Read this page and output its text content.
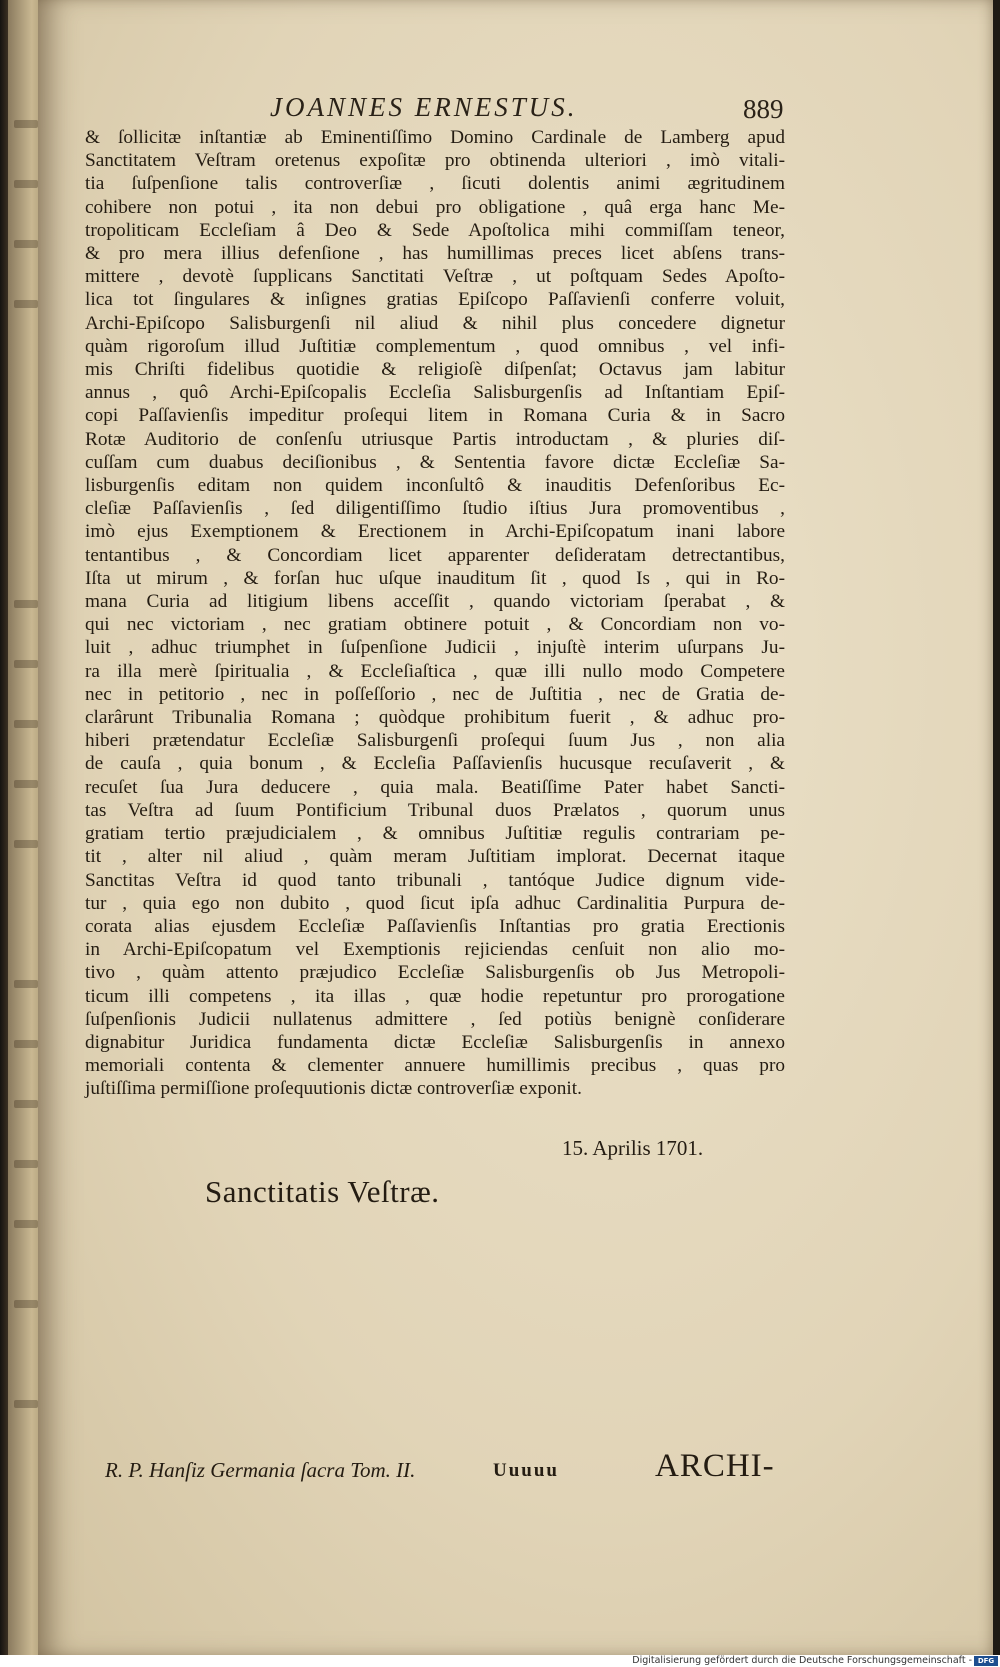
JOANNES ERNESTUS.	889
& ſollicitæ inſtantiæ ab Eminentiſſimo Domino Cardinale de Lamberg apud
Sanctitatem Veſtram oretenus expoſitæ pro obtinenda ulteriori , imò vitali-
tia ſuſpenſione talis controverſiæ , ſicuti dolentis animi ægritudinem
cohibere non potui , ita non debui pro obligatione , quâ erga hanc Me-
tropoliticam Eccleſiam â Deo & Sede Apoſtolica mihi commiſſam teneor,
& pro mera illius defenſione , has humillimas preces licet abſens trans-
mittere , devotè ſupplicans Sanctitati Veſtræ , ut poſtquam Sedes Apoſto-
lica tot ſingulares & inſignes gratias Epiſcopo Paſſavienſi conferre voluit,
Archi-Epiſcopo Salisburgenſi nil aliud & nihil plus concedere dignetur
quàm rigoroſum illud Juſtitiæ complementum , quod omnibus , vel infi-
mis Chriſti fidelibus quotidie & religioſè diſpenſat; Octavus jam labitur
annus , quô Archi-Epiſcopalis Eccleſia Salisburgenſis ad Inſtantiam Epiſ-
copi Paſſavienſis impeditur proſequi litem in Romana Curia & in Sacro
Rotæ Auditorio de conſenſu utriusque Partis introductam , & pluries diſ-
cuſſam cum duabus deciſionibus , & Sententia favore dictæ Eccleſiæ Sa-
lisburgenſis editam non quidem inconſultô & inauditis Defenſoribus Ec-
cleſiæ Paſſavienſis , ſed diligentiſſimo ſtudio iſtius Jura promoventibus ,
imò ejus Exemptionem & Erectionem in Archi-Epiſcopatum inani labore
tentantibus , & Concordiam licet apparenter deſideratam detrectantibus,
Iſta ut mirum , & forſan huc uſque inauditum ſit , quod Is , qui in Ro-
mana Curia ad litigium libens acceſſit , quando victoriam ſperabat , &
qui nec victoriam , nec gratiam obtinere potuit , & Concordiam non vo-
luit , adhuc triumphet in ſuſpenſione Judicii , injuſtè interim uſurpans Ju-
ra illa merè ſpiritualia , & Eccleſiaſtica , quæ illi nullo modo Competere
nec in petitorio , nec in poſſeſſorio , nec de Juſtitia , nec de Gratia de-
clarârunt Tribunalia Romana ; quòdque prohibitum fuerit , & adhuc pro-
hiberi prætendatur Eccleſiæ Salisburgenſi proſequi ſuum Jus , non alia
de cauſa , quia bonum , & Eccleſia Paſſavienſis hucusque recuſaverit , &
recuſet ſua Jura deducere , quia mala. Beatiſſime Pater habet Sancti-
tas Veſtra ad ſuum Pontificium Tribunal duos Prælatos , quorum unus
gratiam tertio præjudicialem , & omnibus Juſtitiæ regulis contrariam pe-
tit , alter nil aliud , quàm meram Juſtitiam implorat. Decernat itaque
Sanctitas Veſtra id quod tanto tribunali , tantóque Judice dignum vide-
tur , quia ego non dubito , quod ſicut ipſa adhuc Cardinalitia Purpura de-
corata alias ejusdem Eccleſiæ Paſſavienſis Inſtantias pro gratia Erectionis
in Archi-Epiſcopatum vel Exemptionis rejiciendas cenſuit non alio mo-
tivo , quàm attento præjudico Eccleſiæ Salisburgenſis ob Jus Metropoli-
ticum illi competens , ita illas , quæ hodie repetuntur pro prorogatione
ſuſpenſionis Judicii nullatenus admittere , ſed potiùs benignè conſiderare
dignabitur Juridica fundamenta dictæ Eccleſiæ Salisburgenſis in annexo
memoriali contenta & clementer annuere humillimis precibus , quas pro
juſtiſſima permiſſione proſequutionis dictæ controverſiæ exponit.
15. Aprilis 1701.
Sanctitatis Veſtræ.
R. P. Hanſiz Germania ſacra Tom. II.	Uuuuu	ARCHI-
Digitalisierung gefördert durch die Deutsche Forschungsgemeinschaft - DFG
